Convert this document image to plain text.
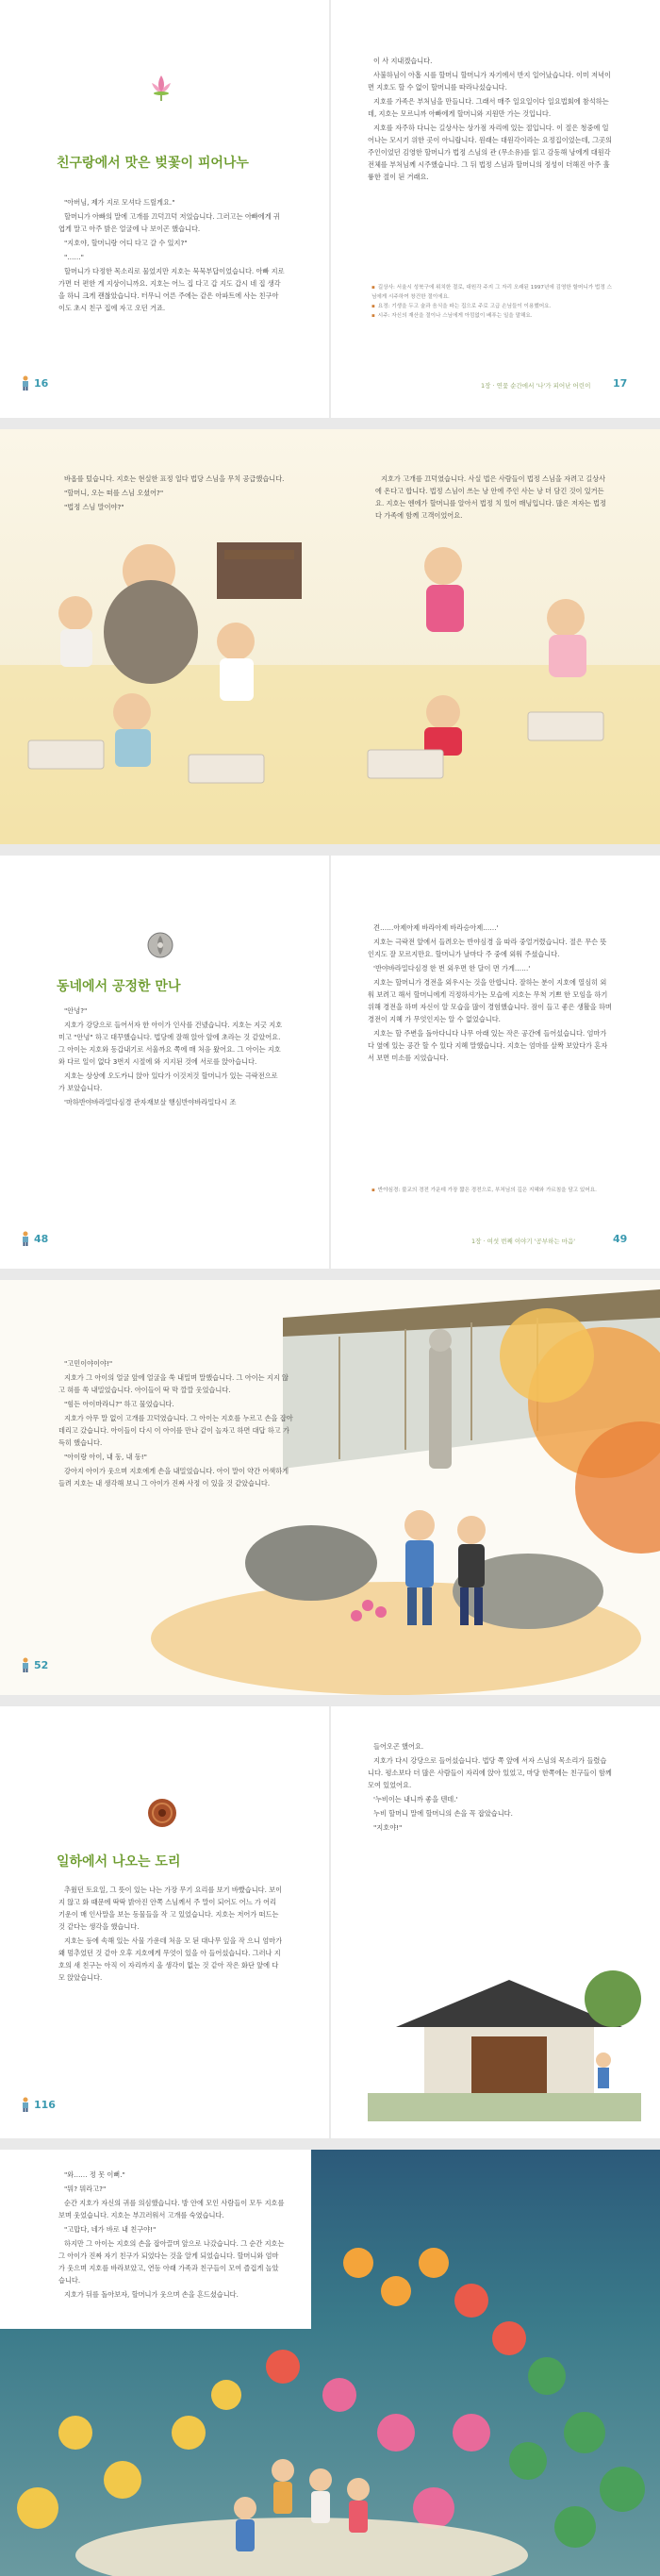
친구랑에서 맛은 벚꽃이 피어나누

"아버님, 제가 지로 모셔다 드릴게요."

할머니가 아빠의 말에 고개를 끄덕끄덕 저었습니다. 그러고는 아빠에게 귀엽게 말고 아주 밝은 얼굴에 나 보이곤 했습니다.

"지호야, 할머니랑 어디 다고 갈 수 있지?"

"……"

할머니가 다정한 목소리로 물었지만 지호는 묵묵부답이었습니다. 아빠 지로 가면 더 편한 게 지상이니까요. 지호는 어느 집 다고 갑 지도 갑시 네 집 생각을 하니 크게 괜찮았습니다. 터무니 어른 주에는 같은 아파트에 사는 친구아이도 초시 친구 집에 자고 오던 거죠.

16

이 사 지내겠습니다.

사불하님이 아홉 시를 할머니 할머니가 자기에서 반지 일어났습니다. 이미 저녁이면 지호도 할 수 없이 할머니를 따라나섰습니다.

지호를 가족은 부처님을 만들니다. 그래서 매주 일요일이다 일요법회에 참석하는데, 지호는 모르니까 아빠에게 할머니와 지원만 가는 것입니다.

지호를 자주하 다니는 길상사는 상가점 자리에 있는 절입니다. 이 절은 청중에 일어나는 모시기 위한 곳이 아니랍니다. 원래는 대원각이라는 요정집이었는데, 그곳의 주인이었던 김영한 할머니가 법정 스님의 관 (무소유)를 읽고 감동해 낭에게 대원각 전체를 부처님께 시주했습니다. 그 뒤 법정 스님과 할머니의 정성이 더해진 아주 훌륭한 절이 된 거래요.

▪ 길상사: 서울시 성북구에 위치한 절로, 대원각 주지 그 자리 오래된 1997년에 김영한 할머니가 법정 스님에게 시주하여 창건한 절이에요.
▪ 요정: 기생을 두고 술과 음식을 파는 집으로 주로 고급 손님들이 이용했어요.
▪ 시주: 자신의 재산을 절이나 스님에게 아낌없이 베푸는 일을 말해요.
1장 · 연꽃 순간에서 '나'가 피어난 어린이 17

바옵를 텄습니다. 지호는 현실한 표정 일다 법당 스님을 무치 공급했습니다.

"할머니, 오는 떠를 스님 오셨어?"

"법정 스님 말이야?"

지호가 고개를 끄덕였습니다. 사실 법은 사람들이 법정 스님을 자려고 길상사에 온다고 합니다. 법정 스님이 쓰는 낭 안에 주인 사는 낭 더 담긴 것이 있거든요. 지호는 엔에가 할머니를 알아서 법정 치 있어 매닝입니다. 많은 저자는 법정 다 가족에 함께 고객이었어요.

동네에서 공정한 만나

"안녕?"

지호가 강당으로 들어서자 한 아이가 인사를 건넸습니다. 지호는 지긋 지호미고 "안녕" 하고 대꾸했습니다. 법당에 잘해 앉아 앞에 초라는 것 같았어요. 그 아이는 지호와 동갑내기로 서울까요 쪽에 매 처음 왔어요. 그 아이는 지호와 다르 일이 없다 3번지 시절에 와 지지된 것에 서로를 앉아습니다.

지호는 상상에 오도카니 앉아 있다가 이것저것 할머니가 있는 극락전으로 가 보았습니다.

'마하반야바라밀다심경 관자재보살 행심반야바라밀다시 조

48

견……아제아제 바라아제 바라승아제……'

지호는 극락전 앞에서 들려오는 반야심경 을 따라 중얼거렸습니다. 절은 무슨 뜻인지도 잘 모르지만요. 할머니가 날마다 주 중에 외워 주셨습니다.

'반야바라밀다심경 한 번 외우면 한 달이 면 가게……'

지호는 할머니가 경전을 외우시는 것을 안합니다. 잘하는 분이 지호에 열심히 외워 보려고 해서 할머니에게 걱정하셔가는 모습에 지호는 무척 기쁘 한 모임을 하기 위해 경전을 하며 자신이 알 모습을 많이 경험했습니다. 잠이 들고 좋은 생활을 하며 경전이 지혜 가 무엇인지는 알 수 없었습니다.

지호는 할 주변을 돌아다니다 나무 아래 있는 작은 공간에 들어섰습니다. 엄마가 다 옆에 있는 공간 할 수 있다 지혜 말했습니다. 지호는 엄마를 살짝 보았다가 혼자서 보면 미소를 지었습니다.

▪ 반야심경: 불교의 경전 가운데 가장 짧은 경전으로, 부처님의 깊은 지혜와 가르침을 담고 있어요.
1장 · 여섯 번째 이야기 '공부하는 마음'	49

"고민이야이야!"

지호가 그 아이의 얼굴 앞에 얼굴을 쑥 내밀며 말했습니다. 그 아이는 지지 않고 혀를 쑥 내밀었습니다. 아이들이 딱 막 깔깔 웃었습니다.

"힘든 아이마라니?" 하고 물었습니다.

지호가 아무 말 없이 고개를 끄덕였습니다. 그 아이는 지호를 누르고 손을 잡아 데리고 갔습니다. 아이들이 다시 이 아이를 만나 같이 놀자고 하면 대답 하고 가득히 했습니다.

"아이랑 아이, 내 동, 내 동!"

강아지 아이가 웃으며 지호에게 손을 내밀었습니다. 아이 말이 약간 어색하게 들려 지호는 내 생각해 보니 그 아이가 진짜 사정 이 있을 것 같았습니다.

52
일하에서 나오는 도리

추웠던 토요일, 그 뜻이 있는 나는 가장 무기 요리를 보기 바빴습니다. 보이지 않고 화 때문에 딱딱 밝아진 안쪽 스님께서 주 말이 되어도 어느 가 어리 기운이 매 인사말을 보는 동물들을 작 고 있었습니다. 지호는 저어가 떠드는 것 같다는 생각을 했습니다.

지호는 등에 속해 있는 사물 가운데 처음 모 된 대나무 잎을 작 으니 엄마가 왜 멈추었던 것 같아 오후 지호에게 무엇이 있을 아 들어섰습니다. 그러나 지호의 새 친구는 아직 이 자리까지 올 생각이 없는 것 같아 작은 화단 앞에 다 모 앉았습니다.

116

들어오곤 했어요.

지호가 다시 강당으로 들어섰습니다. 법당 쪽 앞에 서자 스님의 목소리가 들렸습니다. 평소보다 더 많은 사람들이 자리에 앉아 있었고, 마당 한쪽에는 친구들이 함께 모여 있었어요.

'누비이는 내니까 좋을 텐데.'

누비 할머니 말에 할머니의 손을 꼭 잡았습니다.

"지호야!"

"와…… 정 못 이뻐."

"뭐? 뭐라고?"

순간 지호가 자신의 귀를 의심했습니다. 방 안에 모인 사람들이 모두 지호를 보며 웃었습니다. 지호는 부끄러워서 고개를 숙였습니다.

"고맙다, 네가 바로 내 친구야!"

하지만 그 아이는 지호의 손을 잡아끌며 앞으로 나갔습니다. 그 순간 지호는 그 아이가 진짜 자기 친구가 되었다는 것을 알게 되었습니다. 할머니와 엄마가 웃으며 지호를 바라보았고, 연등 아래 가족과 친구들이 모여 즐겁게 놀았습니다.

지호가 뒤를 돌아보자, 할머니가 웃으며 손을 흔드셨습니다.
